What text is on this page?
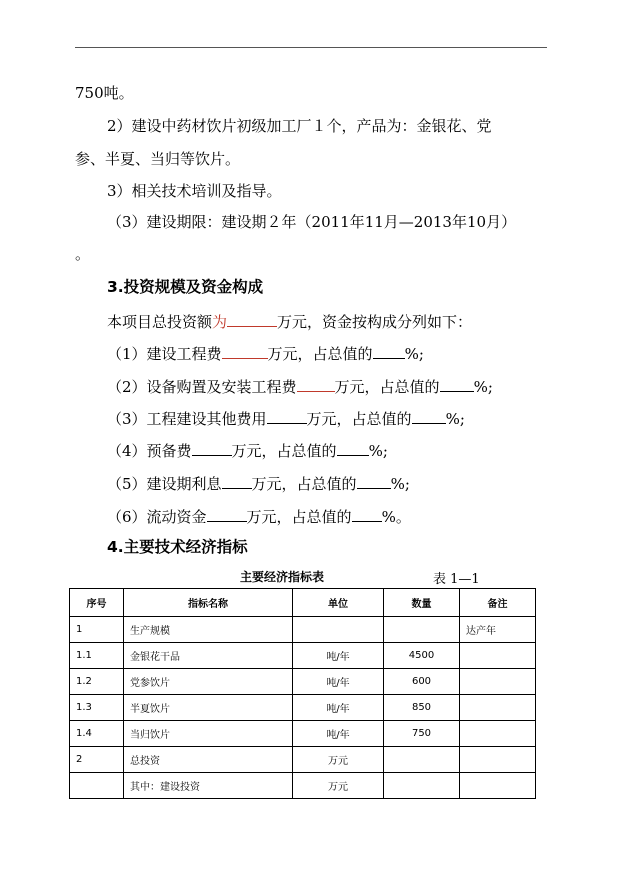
750吨。
2）建设中药材饮片初级加工厂１个，产品为：金银花、党
参、半夏、当归等饮片。
3）相关技术培训及指导。
（3）建设期限：建设期２年（2011年11月—2013年10月）
。
3.投资规模及资金构成
本项目总投资额为	万元，资金按构成分列如下：
（1）建设工程费	万元，占总值的 %;
（2）设备购置及安装工程费	万元，占总值的 %;
（3）工程建设其他费用	万元，占总值的 %;
（4）预备费	万元，占总值的 %;
（5）建设期利息 万元，占总值的 %;
（6）流动资金	万元，占总值的 %。
4.主要技术经济指标
主要经济指标表	表 1—1
序号	指标名称	单位	数量	备注
1	生产规模			达产年
1.1	金银花干品	吨/年	4500	
1.2	党参饮片	吨/年	600	
1.3	半夏饮片	吨/年	850	
1.4	当归饮片	吨/年	750	
2	总投资	万元		
	其中：建设投资	万元		
